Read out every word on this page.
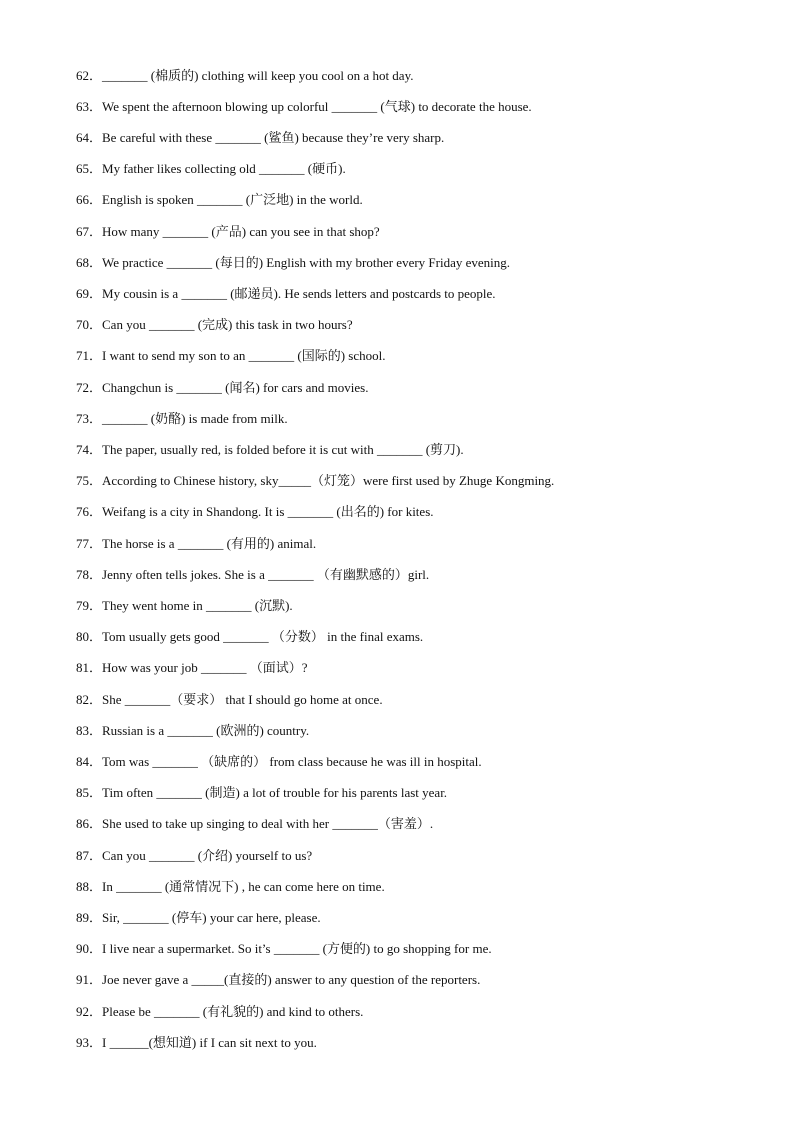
62．_______ (棉质的) clothing will keep you cool on a hot day.
63．We spent the afternoon blowing up colorful _______ (气球) to decorate the house.
64．Be careful with these _______ (鲨鱼) because they’re very sharp.
65．My father likes collecting old _______ (硬币).
66．English is spoken _______ (广泛地) in the world.
67．How many _______ (产品) can you see in that shop?
68．We practice _______ (每日的) English with my brother every Friday evening.
69．My cousin is a _______ (邮递员). He sends letters and postcards to people.
70．Can you _______ (完成) this task in two hours?
71．I want to send my son to an _______ (国际的) school.
72．Changchun is _______ (闻名) for cars and movies.
73．_______ (奶酪) is made from milk.
74．The paper, usually red, is folded before it is cut with _______ (剪刀).
75．According to Chinese history, sky_____（灯笼）were first used by Zhuge Kongming.
76．Weifang is a city in Shandong. It is _______ (出名的) for kites.
77．The horse is a _______ (有用的) animal.
78．Jenny often tells jokes. She is a _______ （有幽默感的）girl.
79．They went home in _______ (沉默).
80．Tom usually gets good _______ （分数） in the final exams.
81．How was your job _______ （面试）?
82．She _______（要求） that I should go home at once.
83．Russian is a _______ (欧洲的) country.
84．Tom was _______ （缺席的） from class because he was ill in hospital.
85．Tim often _______ (制造) a lot of trouble for his parents last year.
86．She used to take up singing to deal with her _______（害羞）.
87．Can you _______ (介绍) yourself to us?
88．In _______ (通常情况下) , he can come here on time.
89．Sir, _______ (停车) your car here, please.
90．I live near a supermarket. So it’s _______ (方便的) to go shopping for me.
91．Joe never gave a _____(直接的) answer to any question of the reporters.
92．Please be _______ (有礼貌的) and kind to others.
93．I ______(想知道) if I can sit next to you.
